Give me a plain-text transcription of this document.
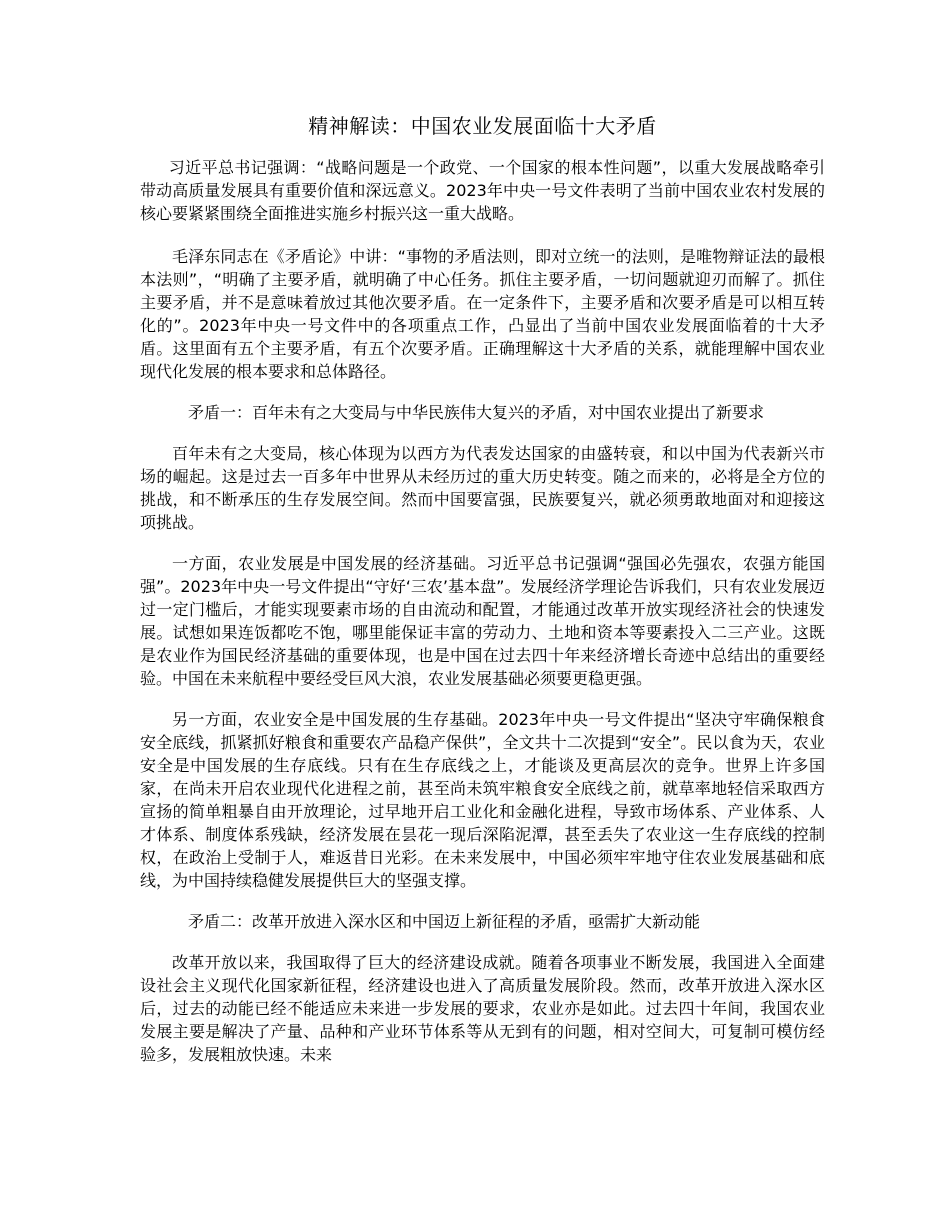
精神解读：中国农业发展面临十大矛盾

习近平总书记强调：“战略问题是一个政党、一个国家的根本性问题”，以重大发展战略牵引带动高质量发展具有重要价值和深远意义。2023年中央一号文件表明了当前中国农业农村发展的核心要紧紧围绕全面推进实施乡村振兴这一重大战略。

毛泽东同志在《矛盾论》中讲：“事物的矛盾法则，即对立统一的法则，是唯物辩证法的最根本法则”，“明确了主要矛盾，就明确了中心任务。抓住主要矛盾，一切问题就迎刃而解了。抓住主要矛盾，并不是意味着放过其他次要矛盾。在一定条件下，主要矛盾和次要矛盾是可以相互转化的”。2023年中央一号文件中的各项重点工作，凸显出了当前中国农业发展面临着的十大矛盾。这里面有五个主要矛盾，有五个次要矛盾。正确理解这十大矛盾的关系，就能理解中国农业现代化发展的根本要求和总体路径。

矛盾一：百年未有之大变局与中华民族伟大复兴的矛盾，对中国农业提出了新要求

百年未有之大变局，核心体现为以西方为代表发达国家的由盛转衰，和以中国为代表新兴市场的崛起。这是过去一百多年中世界从未经历过的重大历史转变。随之而来的，必将是全方位的挑战，和不断承压的生存发展空间。然而中国要富强，民族要复兴，就必须勇敢地面对和迎接这项挑战。

一方面，农业发展是中国发展的经济基础。习近平总书记强调“强国必先强农，农强方能国强”。2023年中央一号文件提出“守好‘三农’基本盘”。发展经济学理论告诉我们，只有农业发展迈过一定门槛后，才能实现要素市场的自由流动和配置，才能通过改革开放实现经济社会的快速发展。试想如果连饭都吃不饱，哪里能保证丰富的劳动力、土地和资本等要素投入二三产业。这既是农业作为国民经济基础的重要体现，也是中国在过去四十年来经济增长奇迹中总结出的重要经验。中国在未来航程中要经受巨风大浪，农业发展基础必须要更稳更强。

另一方面，农业安全是中国发展的生存基础。2023年中央一号文件提出“坚决守牢确保粮食安全底线，抓紧抓好粮食和重要农产品稳产保供”，全文共十二次提到“安全”。民以食为天，农业安全是中国发展的生存底线。只有在生存底线之上，才能谈及更高层次的竞争。世界上许多国家，在尚未开启农业现代化进程之前，甚至尚未筑牢粮食安全底线之前，就草率地轻信采取西方宣扬的简单粗暴自由开放理论，过早地开启工业化和金融化进程，导致市场体系、产业体系、人才体系、制度体系残缺，经济发展在昙花一现后深陷泥潭，甚至丢失了农业这一生存底线的控制权，在政治上受制于人，难返昔日光彩。在未来发展中，中国必须牢牢地守住农业发展基础和底线，为中国持续稳健发展提供巨大的坚强支撑。

矛盾二：改革开放进入深水区和中国迈上新征程的矛盾，亟需扩大新动能

改革开放以来，我国取得了巨大的经济建设成就。随着各项事业不断发展，我国进入全面建设社会主义现代化国家新征程，经济建设也进入了高质量发展阶段。然而，改革开放进入深水区后，过去的动能已经不能适应未来进一步发展的要求，农业亦是如此。过去四十年间，我国农业发展主要是解决了产量、品种和产业环节体系等从无到有的问题，相对空间大，可复制可模仿经验多，发展粗放快速。未来
